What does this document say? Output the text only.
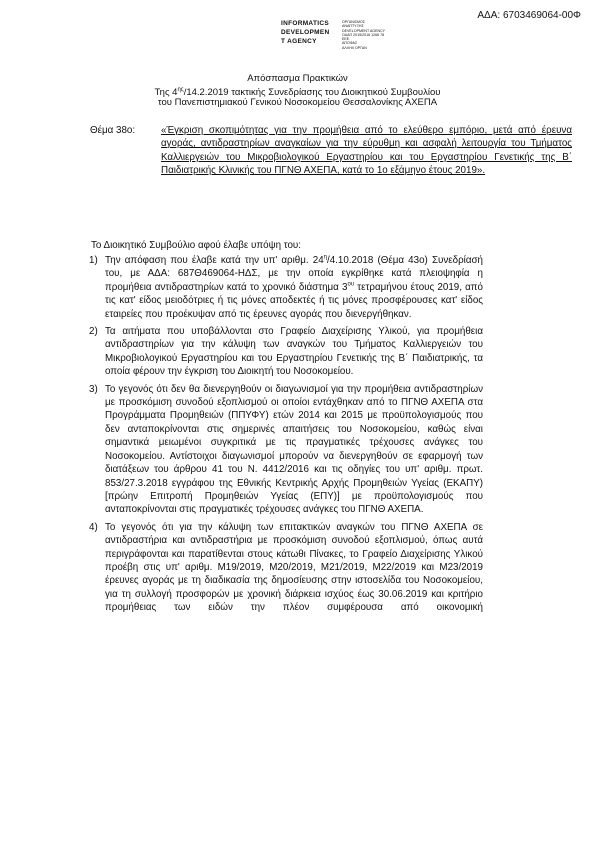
ΑΔΑ: 6703469064-00Φ
INFORMATICS
DEVELOPMEN
T AGENCY
ΟΡΓΑΝΙΣΜΟΣ
ΑΝΑΠΤΥΞΗΣ
DEVELOPMENT AGENCY
ΟΔΑΠ 2015/2016 1266 78
ΕΕΕ
ΑΠΟΦΑΣ
ΑΛΛΗΛ ΟΡΓΑΝ
Απόσπασμα Πρακτικών
Της $4^{\eta\varsigma}/14.2.2019$ τακτικής Συνεδρίασης του Διοικητικού Συμβουλίου
του Πανεπιστημιακού Γενικού Νοσοκομείου Θεσσαλονίκης ΑΧΕΠΑ
Θέμα 38ο:	«Έγκριση σκοπιμότητας για την προμήθεια από το ελεύθερο εμπόριο, μετά από έρευνα αγοράς, αντιδραστηρίων αναγκαίων για την εύρυθμη και ασφαλή λειτουργία του Τμήματος Καλλιεργειών του Μικροβιολογικού Εργαστηρίου και του Εργαστηρίου Γενετικής της Β΄ Παιδιατρικής Κλινικής του ΠΓΝΘ ΑΧΕΠΑ, κατά το 1ο εξάμηνο έτους 2019».
Το Διοικητικό Συμβούλιο αφού έλαβε υπόψη του:
1) Την απόφαση που έλαβε κατά την υπ' αριθμ. $24^\eta/4.10.2018$ (Θέμα 43ο) Συνεδρίασή του, με ΑΔΑ: 687Θ469064-ΗΔΣ, με την οποία εγκρίθηκε κατά πλειοψηφία η προμήθεια αντιδραστηρίων κατά το χρονικό διάστημα $3^{o\upsilon}$ τετραμήνου έτους 2019, από τις κατ' είδος μειοδότριες ή τις μόνες αποδεκτές ή τις μόνες προσφέρουσες κατ' είδος εταιρείες που προέκυψαν από τις έρευνες αγοράς που διενεργήθηκαν.
2) Τα αιτήματα που υποβάλλονται στο Γραφείο Διαχείρισης Υλικού, για προμήθεια αντιδραστηρίων για την κάλυψη των αναγκών του Τμήματος Καλλιεργειών του Μικροβιολογικού Εργαστηρίου και του Εργαστηρίου Γενετικής της Β΄ Παιδιατρικής, τα οποία φέρουν την έγκριση του Διοικητή του Νοσοκομείου.
3) Το γεγονός ότι δεν θα διενεργηθούν οι διαγωνισμοί για την προμήθεια αντιδραστηρίων με προσκόμιση συνοδού εξοπλισμού οι οποίοι εντάχθηκαν από το ΠΓΝΘ ΑΧΕΠΑ στα Προγράμματα Προμηθειών (ΠΠΥΦΥ) ετών 2014 και 2015 με προϋπολογισμούς που δεν ανταποκρίνονται στις σημερινές απαιτήσεις του Νοσοκομείου, καθώς είναι σημαντικά μειωμένοι συγκριτικά με τις πραγματικές τρέχουσες ανάγκες του Νοσοκομείου. Αντίστοιχοι διαγωνισμοί μπορούν να διενεργηθούν σε εφαρμογή των διατάξεων του άρθρου 41 του Ν. 4412/2016 και τις οδηγίες του υπ' αριθμ. πρωτ. 853/27.3.2018 εγγράφου της Εθνικής Κεντρικής Αρχής Προμηθειών Υγείας (ΕΚΑΠΥ) [πρώην Επιτροπή Προμηθειών Υγείας (ΕΠΥ)] με προϋπολογισμούς που ανταποκρίνονται στις πραγματικές τρέχουσες ανάγκες του ΠΓΝΘ ΑΧΕΠΑ.
4) Το γεγονός ότι για την κάλυψη των επιτακτικών αναγκών του ΠΓΝΘ ΑΧΕΠΑ σε αντιδραστήρια και αντιδραστήρια με προσκόμιση συνοδού εξοπλισμού, όπως αυτά περιγράφονται και παρατίθενται στους κάτωθι Πίνακες, το Γραφείο Διαχείρισης Υλικού προέβη στις υπ' αριθμ. Μ19/2019, Μ20/2019, Μ21/2019, Μ22/2019 και Μ23/2019 έρευνες αγοράς με τη διαδικασία της δημοσίευσης στην ιστοσελίδα του Νοσοκομείου, για τη συλλογή προσφορών με χρονική διάρκεια ισχύος έως 30.06.2019 και κριτήριο προμήθειας των ειδών την πλέον συμφέρουσα από οικονομική
